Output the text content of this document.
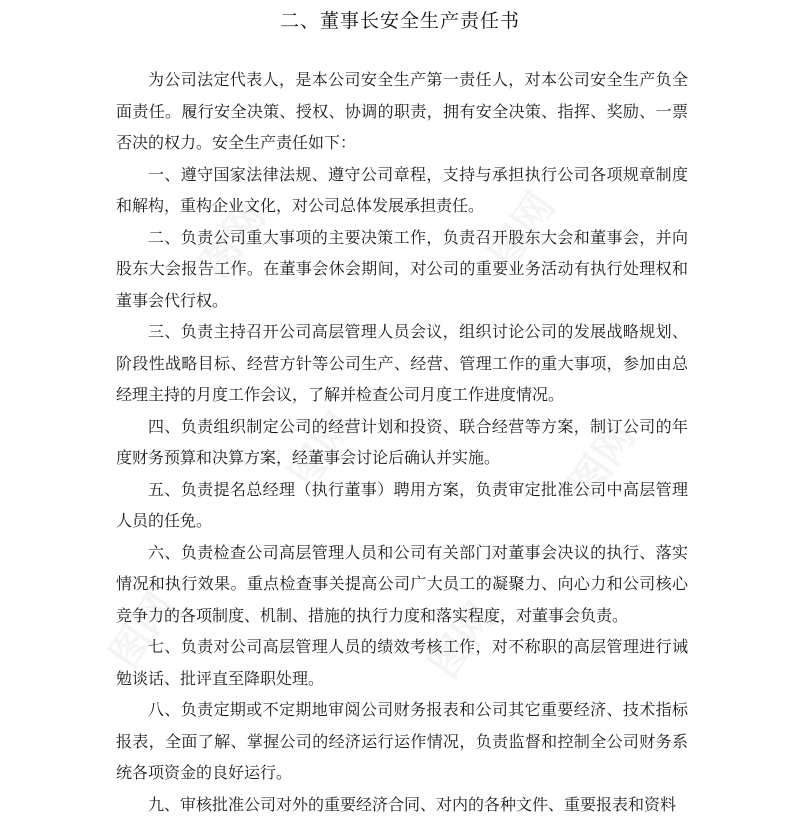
图网	图网
图网	图网
图网	图网
二、董事长安全生产责任书

为公司法定代表人，是本公司安全生产第一责任人，对本公司安全生产负全面责任。履行安全决策、授权、协调的职责，拥有安全决策、指挥、奖励、一票否决的权力。安全生产责任如下：

一、遵守国家法律法规、遵守公司章程，支持与承担执行公司各项规章制度和解构，重构企业文化，对公司总体发展承担责任。

二、负责公司重大事项的主要决策工作，负责召开股东大会和董事会，并向股东大会报告工作。在董事会休会期间，对公司的重要业务活动有执行处理权和董事会代行权。

三、负责主持召开公司高层管理人员会议，组织讨论公司的发展战略规划、阶段性战略目标、经营方针等公司生产、经营、管理工作的重大事项，参加由总经理主持的月度工作会议，了解并检查公司月度工作进度情况。

四、负责组织制定公司的经营计划和投资、联合经营等方案，制订公司的年度财务预算和决算方案，经董事会讨论后确认并实施。

五、负责提名总经理（执行董事）聘用方案，负责审定批准公司中高层管理人员的任免。

六、负责检查公司高层管理人员和公司有关部门对董事会决议的执行、落实情况和执行效果。重点检查事关提高公司广大员工的凝聚力、向心力和公司核心竞争力的各项制度、机制、措施的执行力度和落实程度，对董事会负责。

七、负责对公司高层管理人员的绩效考核工作，对不称职的高层管理进行诫勉谈话、批评直至降职处理。

八、负责定期或不定期地审阅公司财务报表和公司其它重要经济、技术指标报表，全面了解、掌握公司的经济运行运作情况，负责监督和控制全公司财务系统各项资金的良好运行。

九、审核批准公司对外的重要经济合同、对内的各种文件、重要报表和资料
